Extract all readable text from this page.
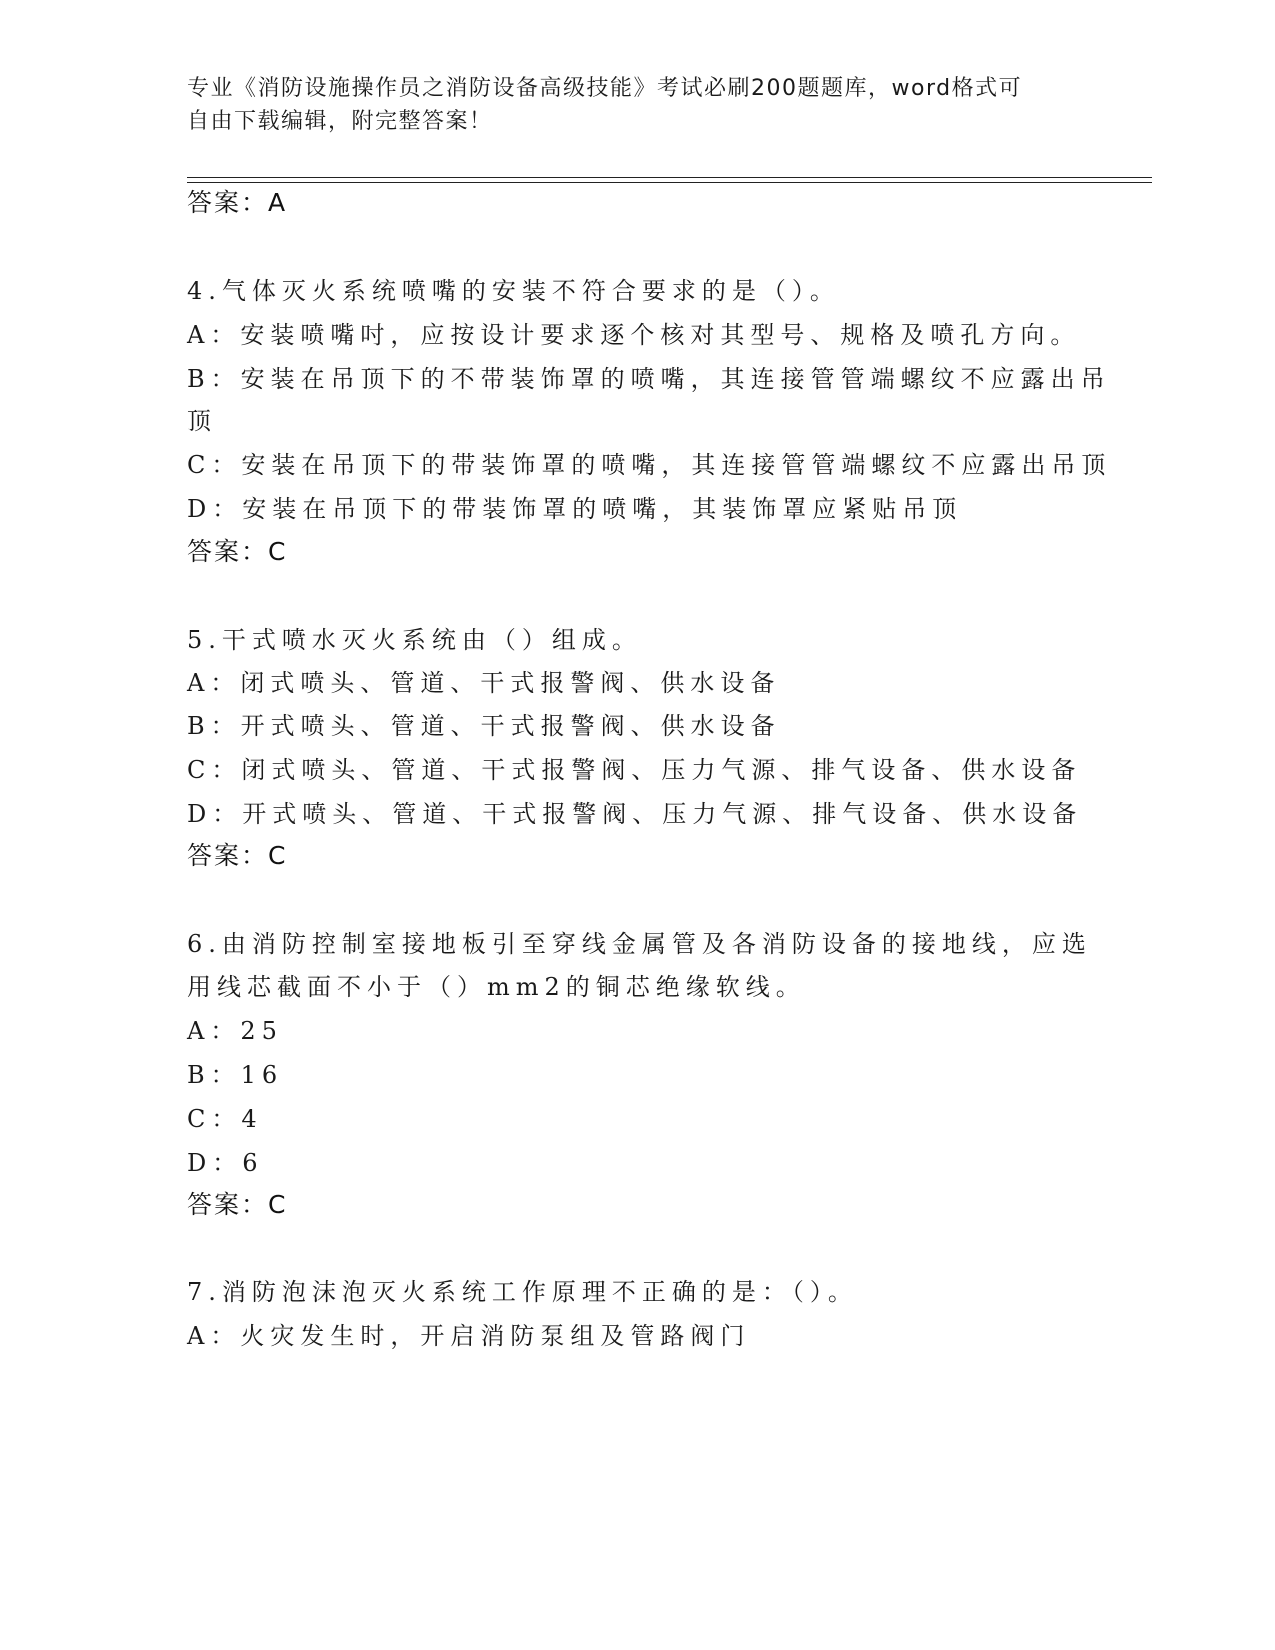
专业《消防设施操作员之消防设备高级技能》考试必刷200题题库，word格式可
自由下载编辑，附完整答案！
答案：A
4.气体灭火系统喷嘴的安装不符合要求的是（）。
A：安装喷嘴吋，应按设计要求逐个核对其型号、规格及喷孔方向。
B：安装在吊顶下的不带装饰罩的喷嘴，其连接管管端螺纹不应露出吊
顶
C：安装在吊顶下的带装饰罩的喷嘴，其连接管管端螺纹不应露出吊顶
D：安装在吊顶下的带装饰罩的喷嘴，其装饰罩应紧贴吊顶
答案：C
5.干式喷水灭火系统由（）组成。
A：闭式喷头、管道、干式报警阀、供水设备
B：开式喷头、管道、干式报警阀、供水设备
C：闭式喷头、管道、干式报警阀、压力气源、排气设备、供水设备
D：开式喷头、管道、干式报警阀、压力气源、排气设备、供水设备
答案：C
6.由消防控制室接地板引至穿线金属管及各消防设备的接地线，应选
用线芯截面不小于（）mm2的铜芯绝缘软线。
A：25
B：16
C：4
D：6
答案：C
7.消防泡沫泡灭火系统工作原理不正确的是：（）。
A：火灾发生时，开启消防泵组及管路阀门
